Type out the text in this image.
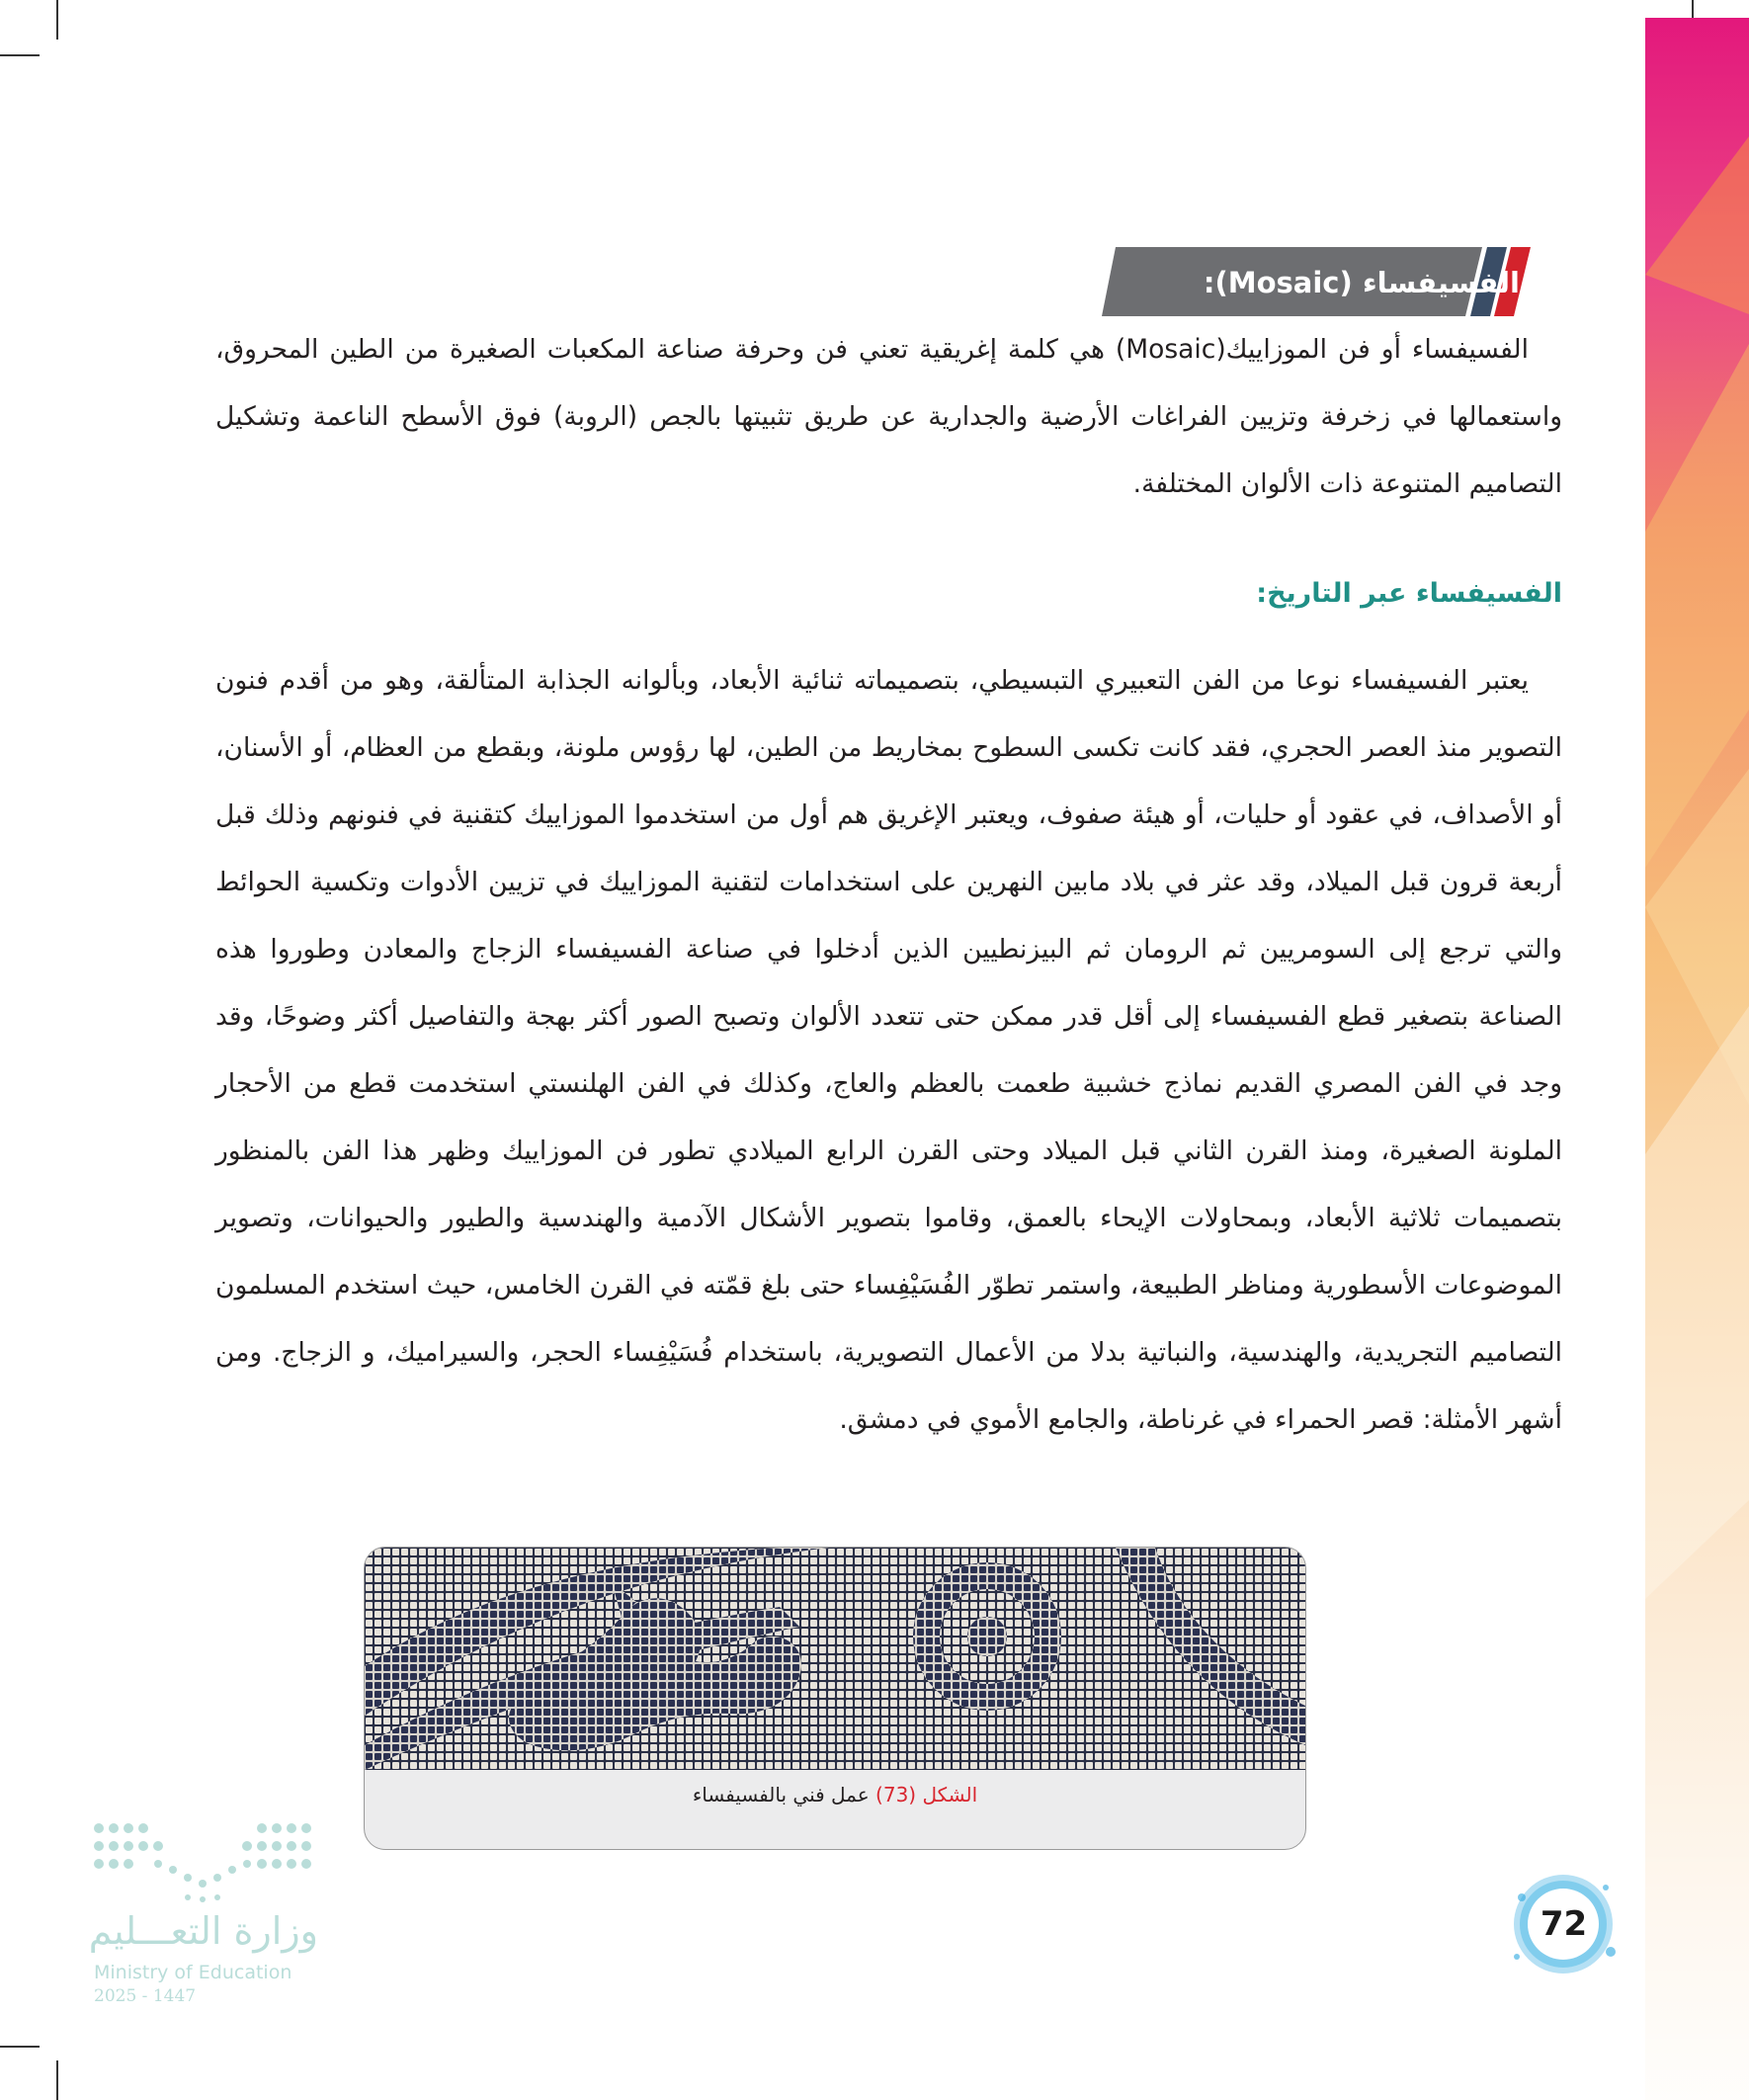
الفسيفساء (Mosaic):

الفسيفساء أو فن الموزاييك(Mosaic) هي كلمة إغريقية تعني فن وحرفة صناعة المكعبات الصغيرة من الطين المحروق، واستعمالها في زخرفة وتزيين الفراغات الأرضية والجدارية عن طريق تثبيتها بالجص (الروبة) فوق الأسطح الناعمة وتشكيل التصاميم المتنوعة ذات الألوان المختلفة.

الفسيفساء عبر التاريخ:

يعتبر الفسيفساء نوعا من الفن التعبيري التبسيطي، بتصميماته ثنائية الأبعاد، وبألوانه الجذابة المتألقة، وهو من أقدم فنون التصوير منذ العصر الحجري، فقد كانت تكسى السطوح بمخاريط من الطين، لها رؤوس ملونة، وبقطع من العظام، أو الأسنان، أو الأصداف، في عقود أو حليات، أو هيئة صفوف، ويعتبر الإغريق هم أول من استخدموا الموزاييك كتقنية في فنونهم وذلك قبل أربعة قرون قبل الميلاد، وقد عثر في بلاد مابين النهرين على استخدامات لتقنية الموزاييك في تزيين الأدوات وتكسية الحوائط والتي ترجع إلى السومريين ثم الرومان ثم البيزنطيين الذين أدخلوا في صناعة الفسيفساء الزجاج والمعادن وطوروا هذه الصناعة بتصغير قطع الفسيفساء إلى أقل قدر ممكن حتى تتعدد الألوان وتصبح الصور أكثر بهجة والتفاصيل أكثر وضوحًا، وقد وجد في الفن المصري القديم نماذج خشبية طعمت بالعظم والعاج، وكذلك في الفن الهلنستي استخدمت قطع من الأحجار الملونة الصغيرة، ومنذ القرن الثاني قبل الميلاد وحتى القرن الرابع الميلادي تطور فن الموزاييك وظهر هذا الفن بالمنظور بتصميمات ثلاثية الأبعاد، وبمحاولات الإيحاء بالعمق، وقاموا بتصوير الأشكال الآدمية والهندسية والطيور والحيوانات، وتصوير الموضوعات الأسطورية ومناظر الطبيعة، واستمر تطوّر الفُسَيْفِساء حتى بلغ قمّته في القرن الخامس، حيث استخدم المسلمون التصاميم التجريدية، والهندسية، والنباتية بدلا من الأعمال التصويرية، باستخدام فُسَيْفِساء الحجر، والسيراميك، و الزجاج. ومن أشهر الأمثلة: قصر الحمراء في غرناطة، والجامع الأموي في دمشق.

الشكل (73) عمل فني بالفسيفساء
72
وزارة التعـــليم
Ministry of Education
2025 - 1447
